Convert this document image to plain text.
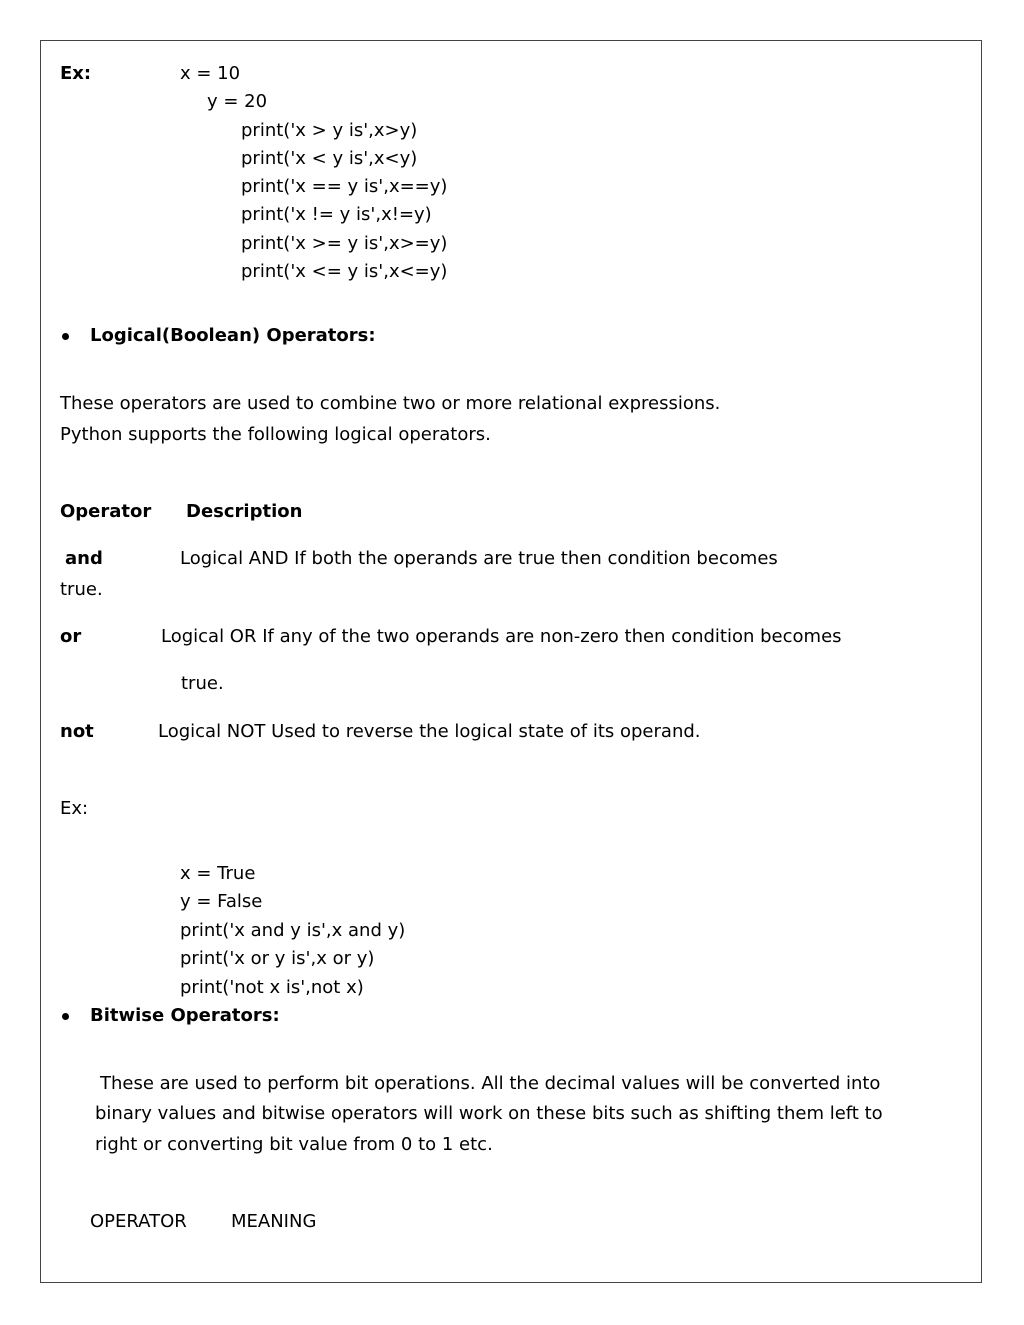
Ex:	x = 10
y = 20
print('x > y is',x>y)
print('x < y is',x<y)
print('x == y is',x==y)
print('x != y is',x!=y)
print('x >= y is',x>=y)
print('x <= y is',x<=y)
Logical(Boolean) Operators:
These operators are used to combine two or more relational expressions.
Python supports the following logical operators.
Operator Description
and	Logical AND If both the operands are true then condition becomes
true.
or	Logical OR If any of the two operands are non-zero then condition becomes
true.
not	Logical NOT Used to reverse the logical state of its operand.
Ex:
x = True
y = False
print('x and y is',x and y)
print('x or y is',x or y)
print('not x is',not x)
Bitwise Operators:
These are used to perform bit operations. All the decimal values will be converted into
binary values and bitwise operators will work on these bits such as shifting them left to
right or converting bit value from 0 to 1 etc.
OPERATOR MEANING
